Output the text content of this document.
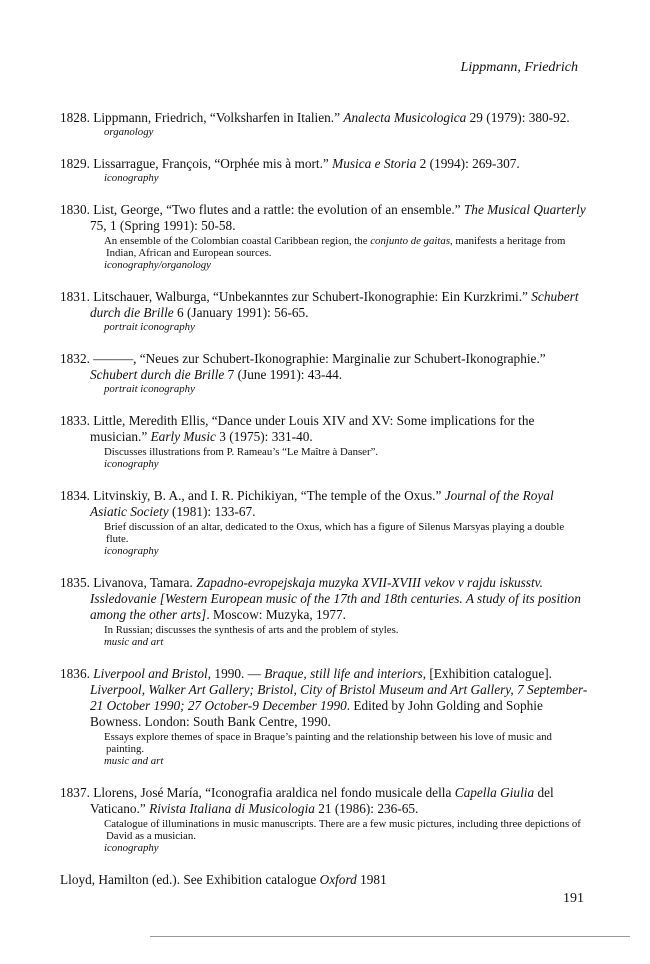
Lippmann, Friedrich
1828. Lippmann, Friedrich, “Volksharfen in Italien.” Analecta Musicologica 29 (1979): 380-92.
organology
1829. Lissarrague, François, “Orphée mis à mort.” Musica e Storia 2 (1994): 269-307.
iconography
1830. List, George, “Two flutes and a rattle: the evolution of an ensemble.” The Musical Quarterly 75, 1 (Spring 1991): 50-58.
An ensemble of the Colombian coastal Caribbean region, the conjunto de gaitas, manifests a heritage from Indian, African and European sources.
iconography/organology
1831. Litschauer, Walburga, “Unbekanntes zur Schubert-Ikonographie: Ein Kurzkrimi.” Schubert durch die Brille 6 (January 1991): 56-65.
portrait iconography
1832. ———, “Neues zur Schubert-Ikonographie: Marginalie zur Schubert-Ikonographie.” Schubert durch die Brille 7 (June 1991): 43-44.
portrait iconography
1833. Little, Meredith Ellis, “Dance under Louis XIV and XV: Some implications for the musician.” Early Music 3 (1975): 331-40.
Discusses illustrations from P. Rameau’s “Le Maître à Danser”.
iconography
1834. Litvinskiy, B. A., and I. R. Pichikiyan, “The temple of the Oxus.” Journal of the Royal Asiatic Society (1981): 133-67.
Brief discussion of an altar, dedicated to the Oxus, which has a figure of Silenus Marsyas playing a double flute.
iconography
1835. Livanova, Tamara. Zapadno-evropejskaja muzyka XVII-XVIII vekov v rajdu iskusstv. Issledovanie [Western European music of the 17th and 18th centuries. A study of its position among the other arts]. Moscow: Muzyka, 1977.
In Russian; discusses the synthesis of arts and the problem of styles.
music and art
1836. Liverpool and Bristol, 1990. — Braque, still life and interiors, [Exhibition catalogue]. Liverpool, Walker Art Gallery; Bristol, City of Bristol Museum and Art Gallery, 7 September-21 October 1990; 27 October-9 December 1990. Edited by John Golding and Sophie Bowness. London: South Bank Centre, 1990.
Essays explore themes of space in Braque’s painting and the relationship between his love of music and painting.
music and art
1837. Llorens, José María, “Iconografia araldica nel fondo musicale della Capella Giulia del Vaticano.” Rivista Italiana di Musicologia 21 (1986): 236-65.
Catalogue of illuminations in music manuscripts. There are a few music pictures, including three depictions of David as a musician.
iconography
Lloyd, Hamilton (ed.). See Exhibition catalogue Oxford 1981
191
